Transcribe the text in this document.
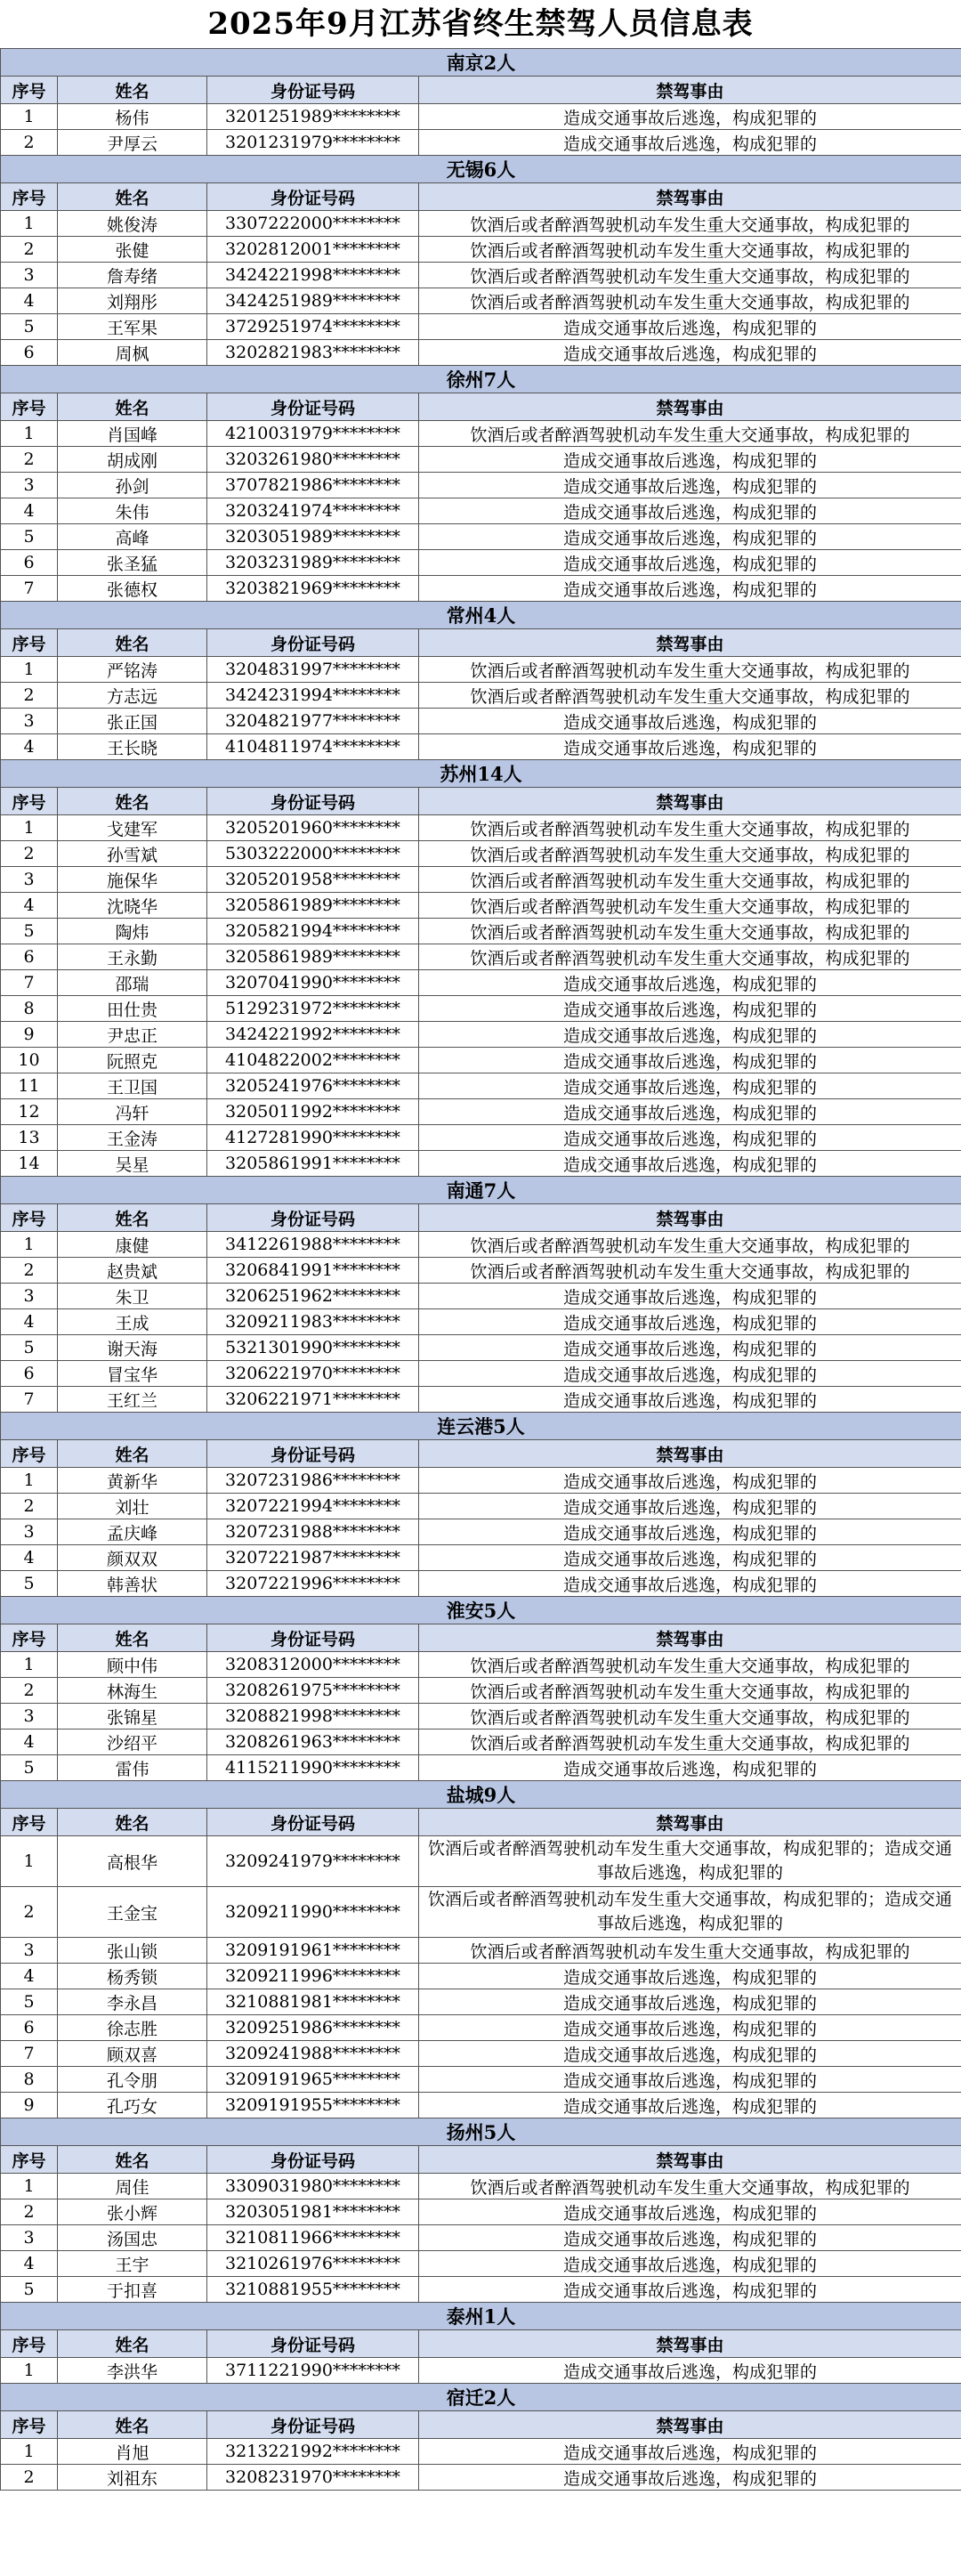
2025年9月江苏省终生禁驾人员信息表
南京2人			
序号	姓名	身份证号码	禁驾事由
1	杨伟	3201251989********	造成交通事故后逃逸，构成犯罪的
2	尹厚云	3201231979********	造成交通事故后逃逸，构成犯罪的
无锡6人			
序号	姓名	身份证号码	禁驾事由
1	姚俊涛	3307222000********	饮酒后或者醉酒驾驶机动车发生重大交通事故，构成犯罪的
2	张健	3202812001********	饮酒后或者醉酒驾驶机动车发生重大交通事故，构成犯罪的
3	詹寿绪	3424221998********	饮酒后或者醉酒驾驶机动车发生重大交通事故，构成犯罪的
4	刘翔彤	3424251989********	饮酒后或者醉酒驾驶机动车发生重大交通事故，构成犯罪的
5	王军果	3729251974********	造成交通事故后逃逸，构成犯罪的
6	周枫	3202821983********	造成交通事故后逃逸，构成犯罪的
徐州7人			
序号	姓名	身份证号码	禁驾事由
1	肖国峰	4210031979********	饮酒后或者醉酒驾驶机动车发生重大交通事故，构成犯罪的
2	胡成刚	3203261980********	造成交通事故后逃逸，构成犯罪的
3	孙剑	3707821986********	造成交通事故后逃逸，构成犯罪的
4	朱伟	3203241974********	造成交通事故后逃逸，构成犯罪的
5	高峰	3203051989********	造成交通事故后逃逸，构成犯罪的
6	张圣猛	3203231989********	造成交通事故后逃逸，构成犯罪的
7	张德权	3203821969********	造成交通事故后逃逸，构成犯罪的
常州4人			
序号	姓名	身份证号码	禁驾事由
1	严铭涛	3204831997********	饮酒后或者醉酒驾驶机动车发生重大交通事故，构成犯罪的
2	方志远	3424231994********	饮酒后或者醉酒驾驶机动车发生重大交通事故，构成犯罪的
3	张正国	3204821977********	造成交通事故后逃逸，构成犯罪的
4	王长晓	4104811974********	造成交通事故后逃逸，构成犯罪的
苏州14人			
序号	姓名	身份证号码	禁驾事由
1	戈建军	3205201960********	饮酒后或者醉酒驾驶机动车发生重大交通事故，构成犯罪的
2	孙雪斌	5303222000********	饮酒后或者醉酒驾驶机动车发生重大交通事故，构成犯罪的
3	施保华	3205201958********	饮酒后或者醉酒驾驶机动车发生重大交通事故，构成犯罪的
4	沈晓华	3205861989********	饮酒后或者醉酒驾驶机动车发生重大交通事故，构成犯罪的
5	陶炜	3205821994********	饮酒后或者醉酒驾驶机动车发生重大交通事故，构成犯罪的
6	王永勤	3205861989********	饮酒后或者醉酒驾驶机动车发生重大交通事故，构成犯罪的
7	邵瑞	3207041990********	造成交通事故后逃逸，构成犯罪的
8	田仕贵	5129231972********	造成交通事故后逃逸，构成犯罪的
9	尹忠正	3424221992********	造成交通事故后逃逸，构成犯罪的
10	阮照克	4104822002********	造成交通事故后逃逸，构成犯罪的
11	王卫国	3205241976********	造成交通事故后逃逸，构成犯罪的
12	冯轩	3205011992********	造成交通事故后逃逸，构成犯罪的
13	王金涛	4127281990********	造成交通事故后逃逸，构成犯罪的
14	吴星	3205861991********	造成交通事故后逃逸，构成犯罪的
南通7人			
序号	姓名	身份证号码	禁驾事由
1	康健	3412261988********	饮酒后或者醉酒驾驶机动车发生重大交通事故，构成犯罪的
2	赵贵斌	3206841991********	饮酒后或者醉酒驾驶机动车发生重大交通事故，构成犯罪的
3	朱卫	3206251962********	造成交通事故后逃逸，构成犯罪的
4	王成	3209211983********	造成交通事故后逃逸，构成犯罪的
5	谢天海	5321301990********	造成交通事故后逃逸，构成犯罪的
6	冒宝华	3206221970********	造成交通事故后逃逸，构成犯罪的
7	王红兰	3206221971********	造成交通事故后逃逸，构成犯罪的
连云港5人			
序号	姓名	身份证号码	禁驾事由
1	黄新华	3207231986********	造成交通事故后逃逸，构成犯罪的
2	刘壮	3207221994********	造成交通事故后逃逸，构成犯罪的
3	孟庆峰	3207231988********	造成交通事故后逃逸，构成犯罪的
4	颜双双	3207221987********	造成交通事故后逃逸，构成犯罪的
5	韩善状	3207221996********	造成交通事故后逃逸，构成犯罪的
淮安5人			
序号	姓名	身份证号码	禁驾事由
1	顾中伟	3208312000********	饮酒后或者醉酒驾驶机动车发生重大交通事故，构成犯罪的
2	林海生	3208261975********	饮酒后或者醉酒驾驶机动车发生重大交通事故，构成犯罪的
3	张锦星	3208821998********	饮酒后或者醉酒驾驶机动车发生重大交通事故，构成犯罪的
4	沙绍平	3208261963********	饮酒后或者醉酒驾驶机动车发生重大交通事故，构成犯罪的
5	雷伟	4115211990********	造成交通事故后逃逸，构成犯罪的
盐城9人			
序号	姓名	身份证号码	禁驾事由
1	高根华	3209241979********	饮酒后或者醉酒驾驶机动车发生重大交通事故，构成犯罪的；造成交通事故后逃逸，构成犯罪的
2	王金宝	3209211990********	饮酒后或者醉酒驾驶机动车发生重大交通事故，构成犯罪的；造成交通事故后逃逸，构成犯罪的
3	张山锁	3209191961********	饮酒后或者醉酒驾驶机动车发生重大交通事故，构成犯罪的
4	杨秀锁	3209211996********	造成交通事故后逃逸，构成犯罪的
5	李永昌	3210881981********	造成交通事故后逃逸，构成犯罪的
6	徐志胜	3209251986********	造成交通事故后逃逸，构成犯罪的
7	顾双喜	3209241988********	造成交通事故后逃逸，构成犯罪的
8	孔令朋	3209191965********	造成交通事故后逃逸，构成犯罪的
9	孔巧女	3209191955********	造成交通事故后逃逸，构成犯罪的
扬州5人			
序号	姓名	身份证号码	禁驾事由
1	周佳	3309031980********	饮酒后或者醉酒驾驶机动车发生重大交通事故，构成犯罪的
2	张小辉	3203051981********	造成交通事故后逃逸，构成犯罪的
3	汤国忠	3210811966********	造成交通事故后逃逸，构成犯罪的
4	王宇	3210261976********	造成交通事故后逃逸，构成犯罪的
5	于扣喜	3210881955********	造成交通事故后逃逸，构成犯罪的
泰州1人			
序号	姓名	身份证号码	禁驾事由
1	李洪华	3711221990********	造成交通事故后逃逸，构成犯罪的
宿迁2人			
序号	姓名	身份证号码	禁驾事由
1	肖旭	3213221992********	造成交通事故后逃逸，构成犯罪的
2	刘祖东	3208231970********	造成交通事故后逃逸，构成犯罪的
